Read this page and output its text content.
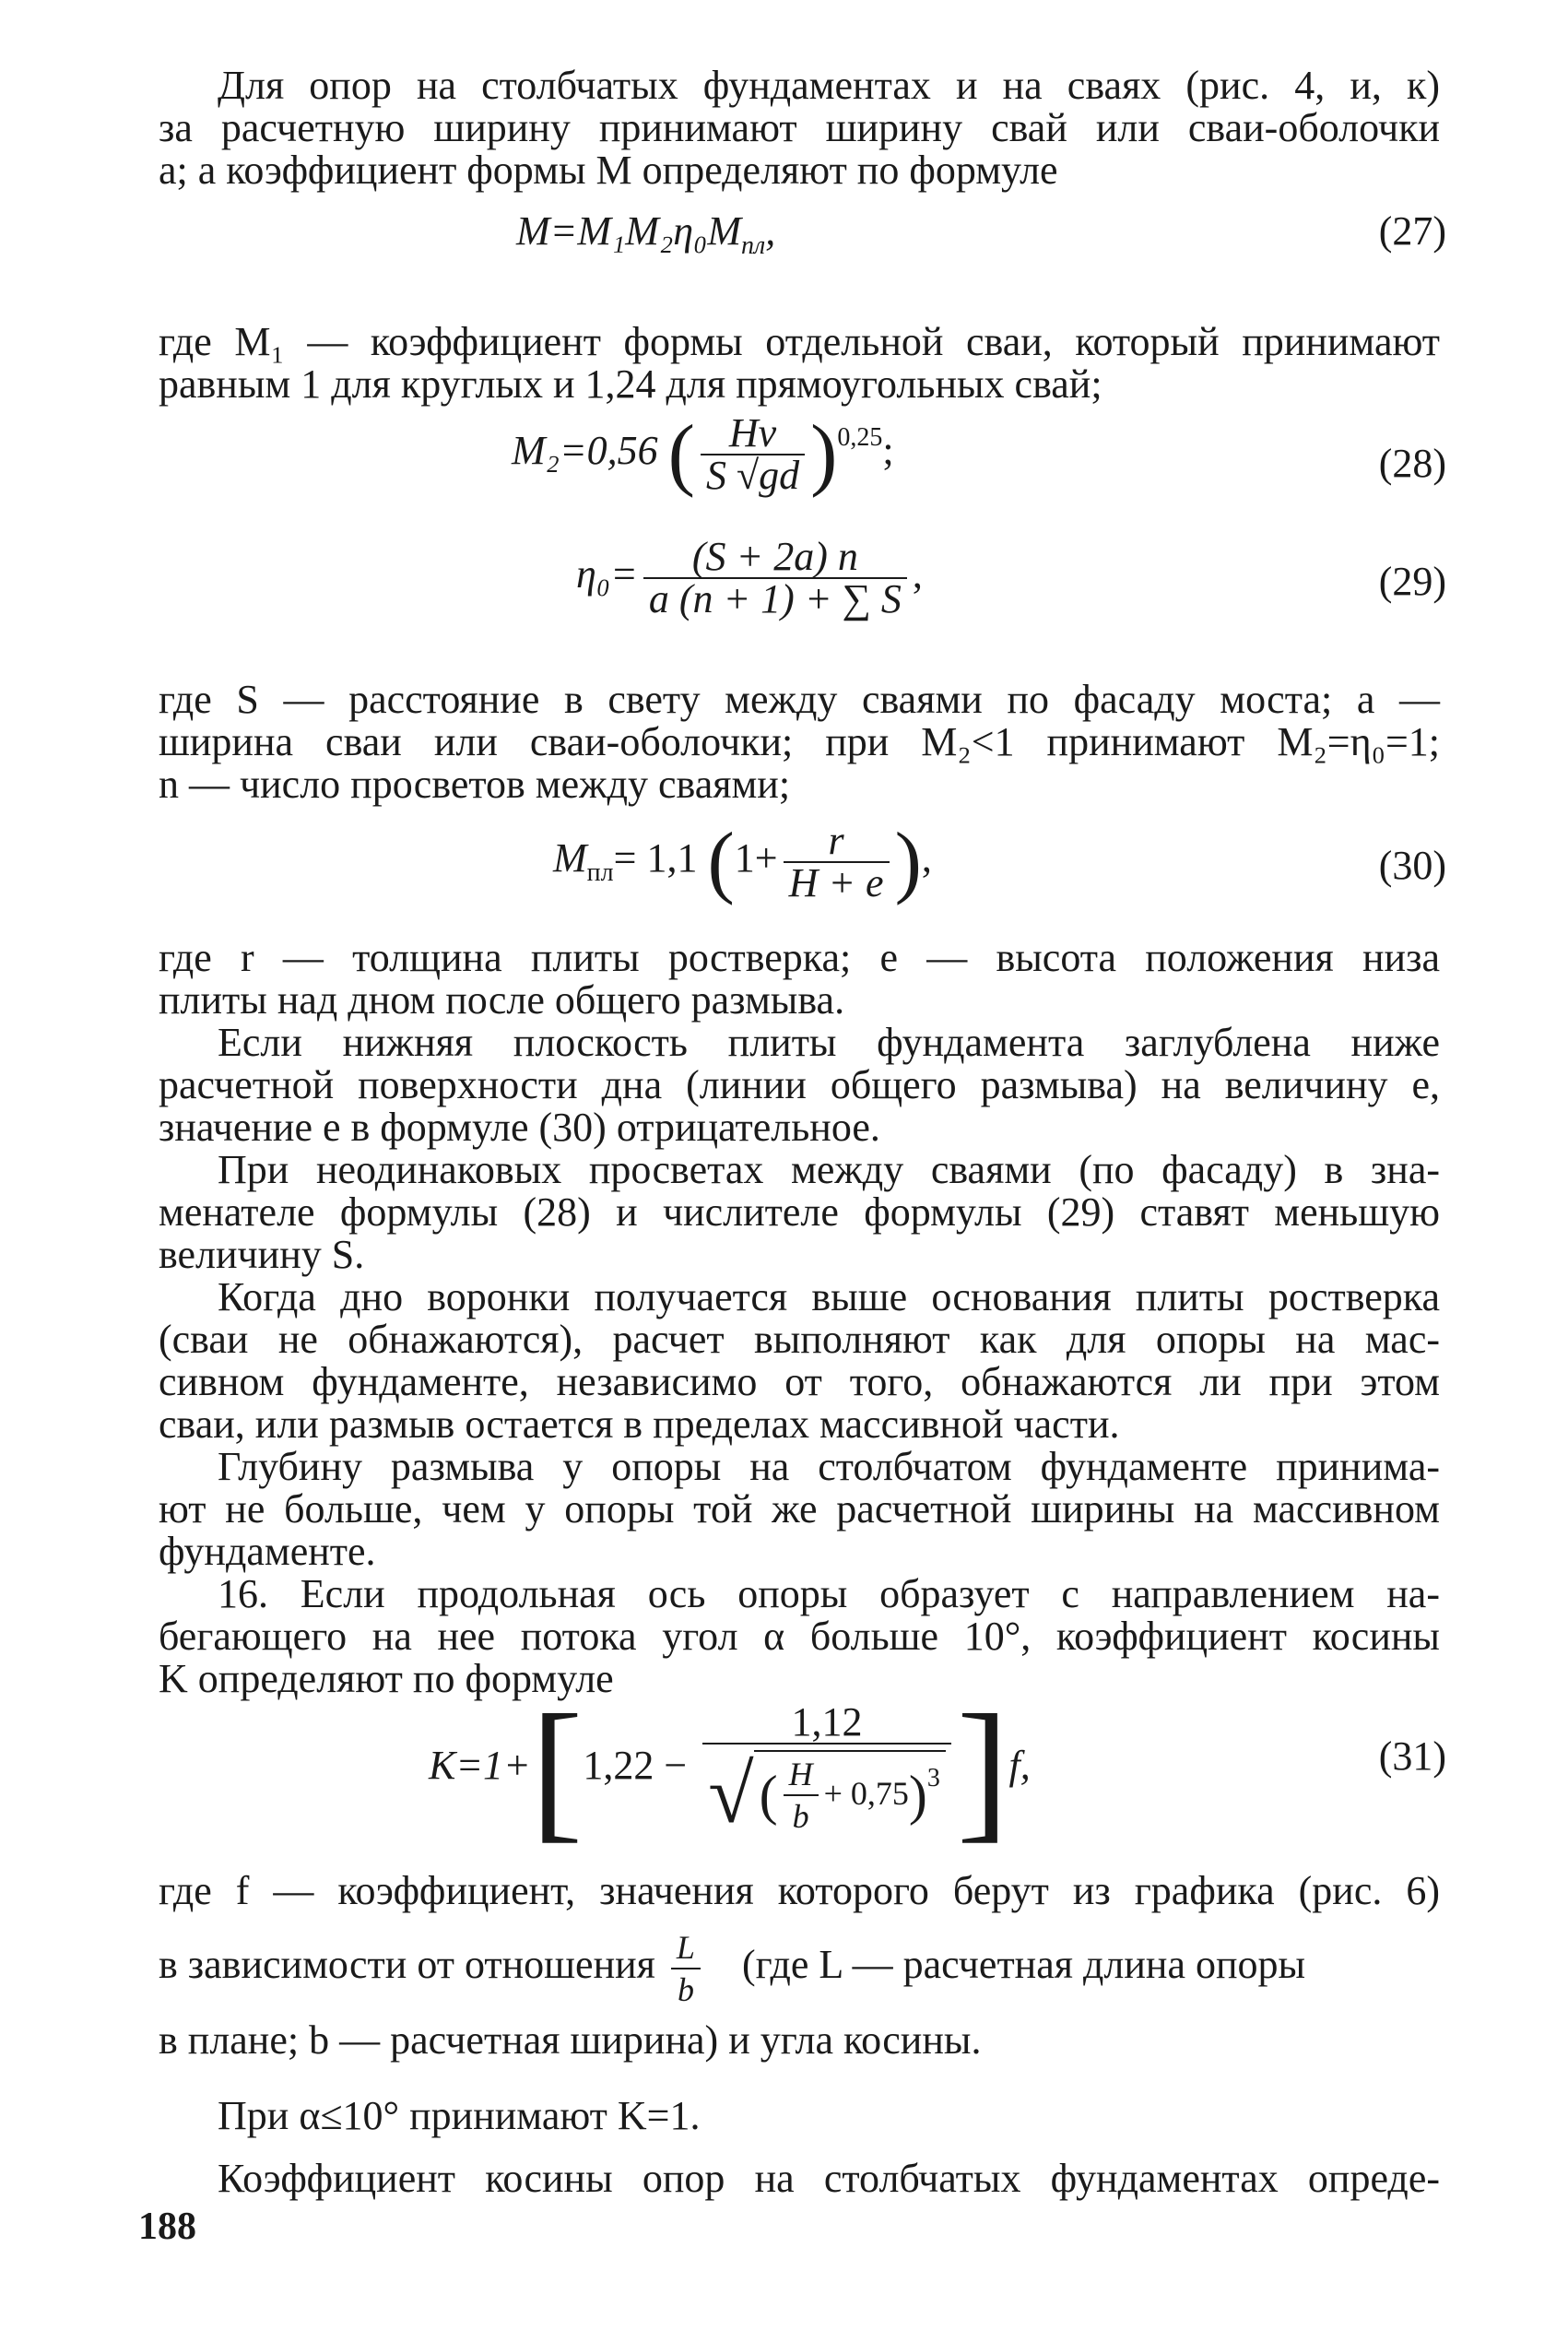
Для опор на столбчатых фундаментах и на сваях (рис. 4, и, к)
за расчетную ширину принимают ширину свай или сваи-оболочки
a; а коэффициент формы M определяют по формуле
$M=M_1M_2\eta_0M_{пл}$,	(27)
где M₁ — коэффициент формы отдельной сваи, который принимают
равным 1 для круглых и 1,24 для прямоугольных свай;
M₂=0,56 ( $\frac{Hv}{S √gd} )^{0,25}$;	(28)
$\eta_0= \frac{(S + 2a) n}{a (n + 1) + \sum S}$ ,	(29)
где S — расстояние в свету между сваями по фасаду моста; a —
ширина сваи или сваи-оболочки; при M₂<1 принимают M₂=η₀=1;
n — число просветов между сваями;
$M_{пл}= 1,1$ ($1+ \frac{r}{H + e}$ ),	(30)
где r — толщина плиты ростверка; e — высота положения низа
плиты над дном после общего размыва.
Если нижняя плоскость плиты фундамента заглублена ниже
расчетной поверхности дна (линии общего размыва) на величину e,
значение e в формуле (30) отрицательное.
При неодинаковых просветах между сваями (по фасаду) в зна-
менателе формулы (28) и числителе формулы (29) ставят меньшую
величину S.
Когда дно воронки получается выше основания плиты ростверка
(сваи не обнажаются), расчет выполняют как для опоры на мас-
сивном фундаменте, независимо от того, обнажаются ли при этом
сваи, или размыв остается в пределах массивной части.
Глубину размыва у опоры на столбчатом фундаменте принима-
ют не больше, чем у опоры той же расчетной ширины на массивном
фундаменте.
16. Если продольная ось опоры образует с направлением на-
бегающего на нее потока угол α больше 10°, коэффициент косины
K определяют по формуле
$K=1+[1,22 - \frac{1,12}{√ ( \frac{H}{b} + 0,75)^3} ]f$,	(31)
где f — коэффициент, значения которого берут из графика (рис. 6)
в зависимости от отношения $\frac{L}{b} (где$ L — расчетная длина опоры
в плане; b — расчетная ширина) и угла косины.
При α≤10° принимают K=1.
Коэффициент косины опор на столбчатых фундаментах опреде-
188
